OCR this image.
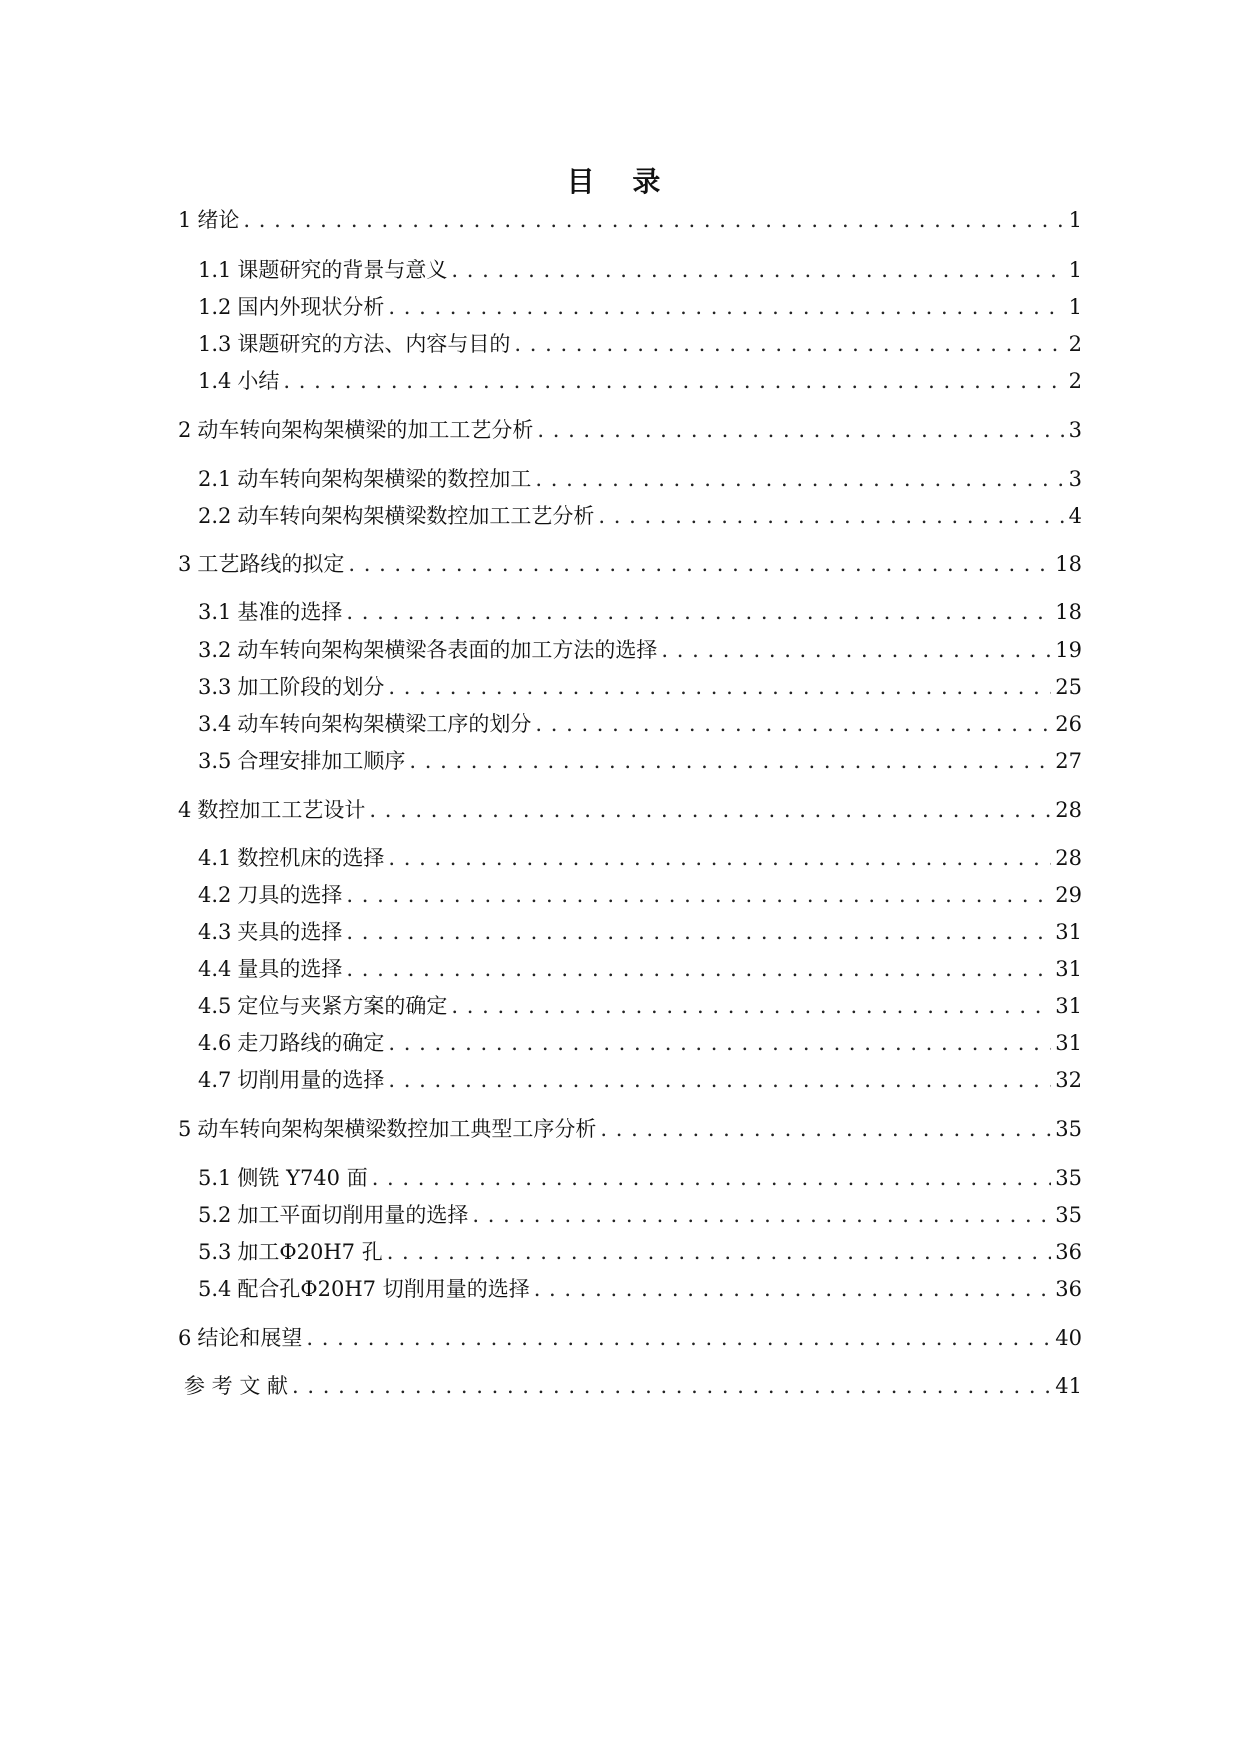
目 录
1 绪论 . . .	1
1.1 课题研究的背景与意义 . . .	1
1.2 国内外现状分析 . . .	1
1.3 课题研究的方法、内容与目的 . . .	2
1.4 小结 . . .	2
2 动车转向架构架横梁的加工工艺分析 . . .	3
2.1 动车转向架构架横梁的数控加工 . . .	3
2.2 动车转向架构架横梁数控加工工艺分析 . . .	4
3 工艺路线的拟定 . . .	18
3.1 基准的选择 . . .	18
3.2 动车转向架构架横梁各表面的加工方法的选择 . . .	19
3.3 加工阶段的划分 . . .	25
3.4 动车转向架构架横梁工序的划分 . . .	26
3.5 合理安排加工顺序 . . .	27
4 数控加工工艺设计 . . .	28
4.1 数控机床的选择 . . .	28
4.2 刀具的选择 . . .	29
4.3 夹具的选择 . . .	31
4.4 量具的选择 . . .	31
4.5 定位与夹紧方案的确定 . . .	31
4.6 走刀路线的确定 . . .	31
4.7 切削用量的选择 . . .	32
5 动车转向架构架横梁数控加工典型工序分析 . . .	35
5.1 侧铣 Y740 面 . . .	35
5.2 加工平面切削用量的选择 . . .	35
5.3 加工Φ20H7 孔 . . .	36
5.4 配合孔Φ20H7 切削用量的选择 . . .	36
6 结论和展望 . . .	40
参 考 文 献 . . .	41
